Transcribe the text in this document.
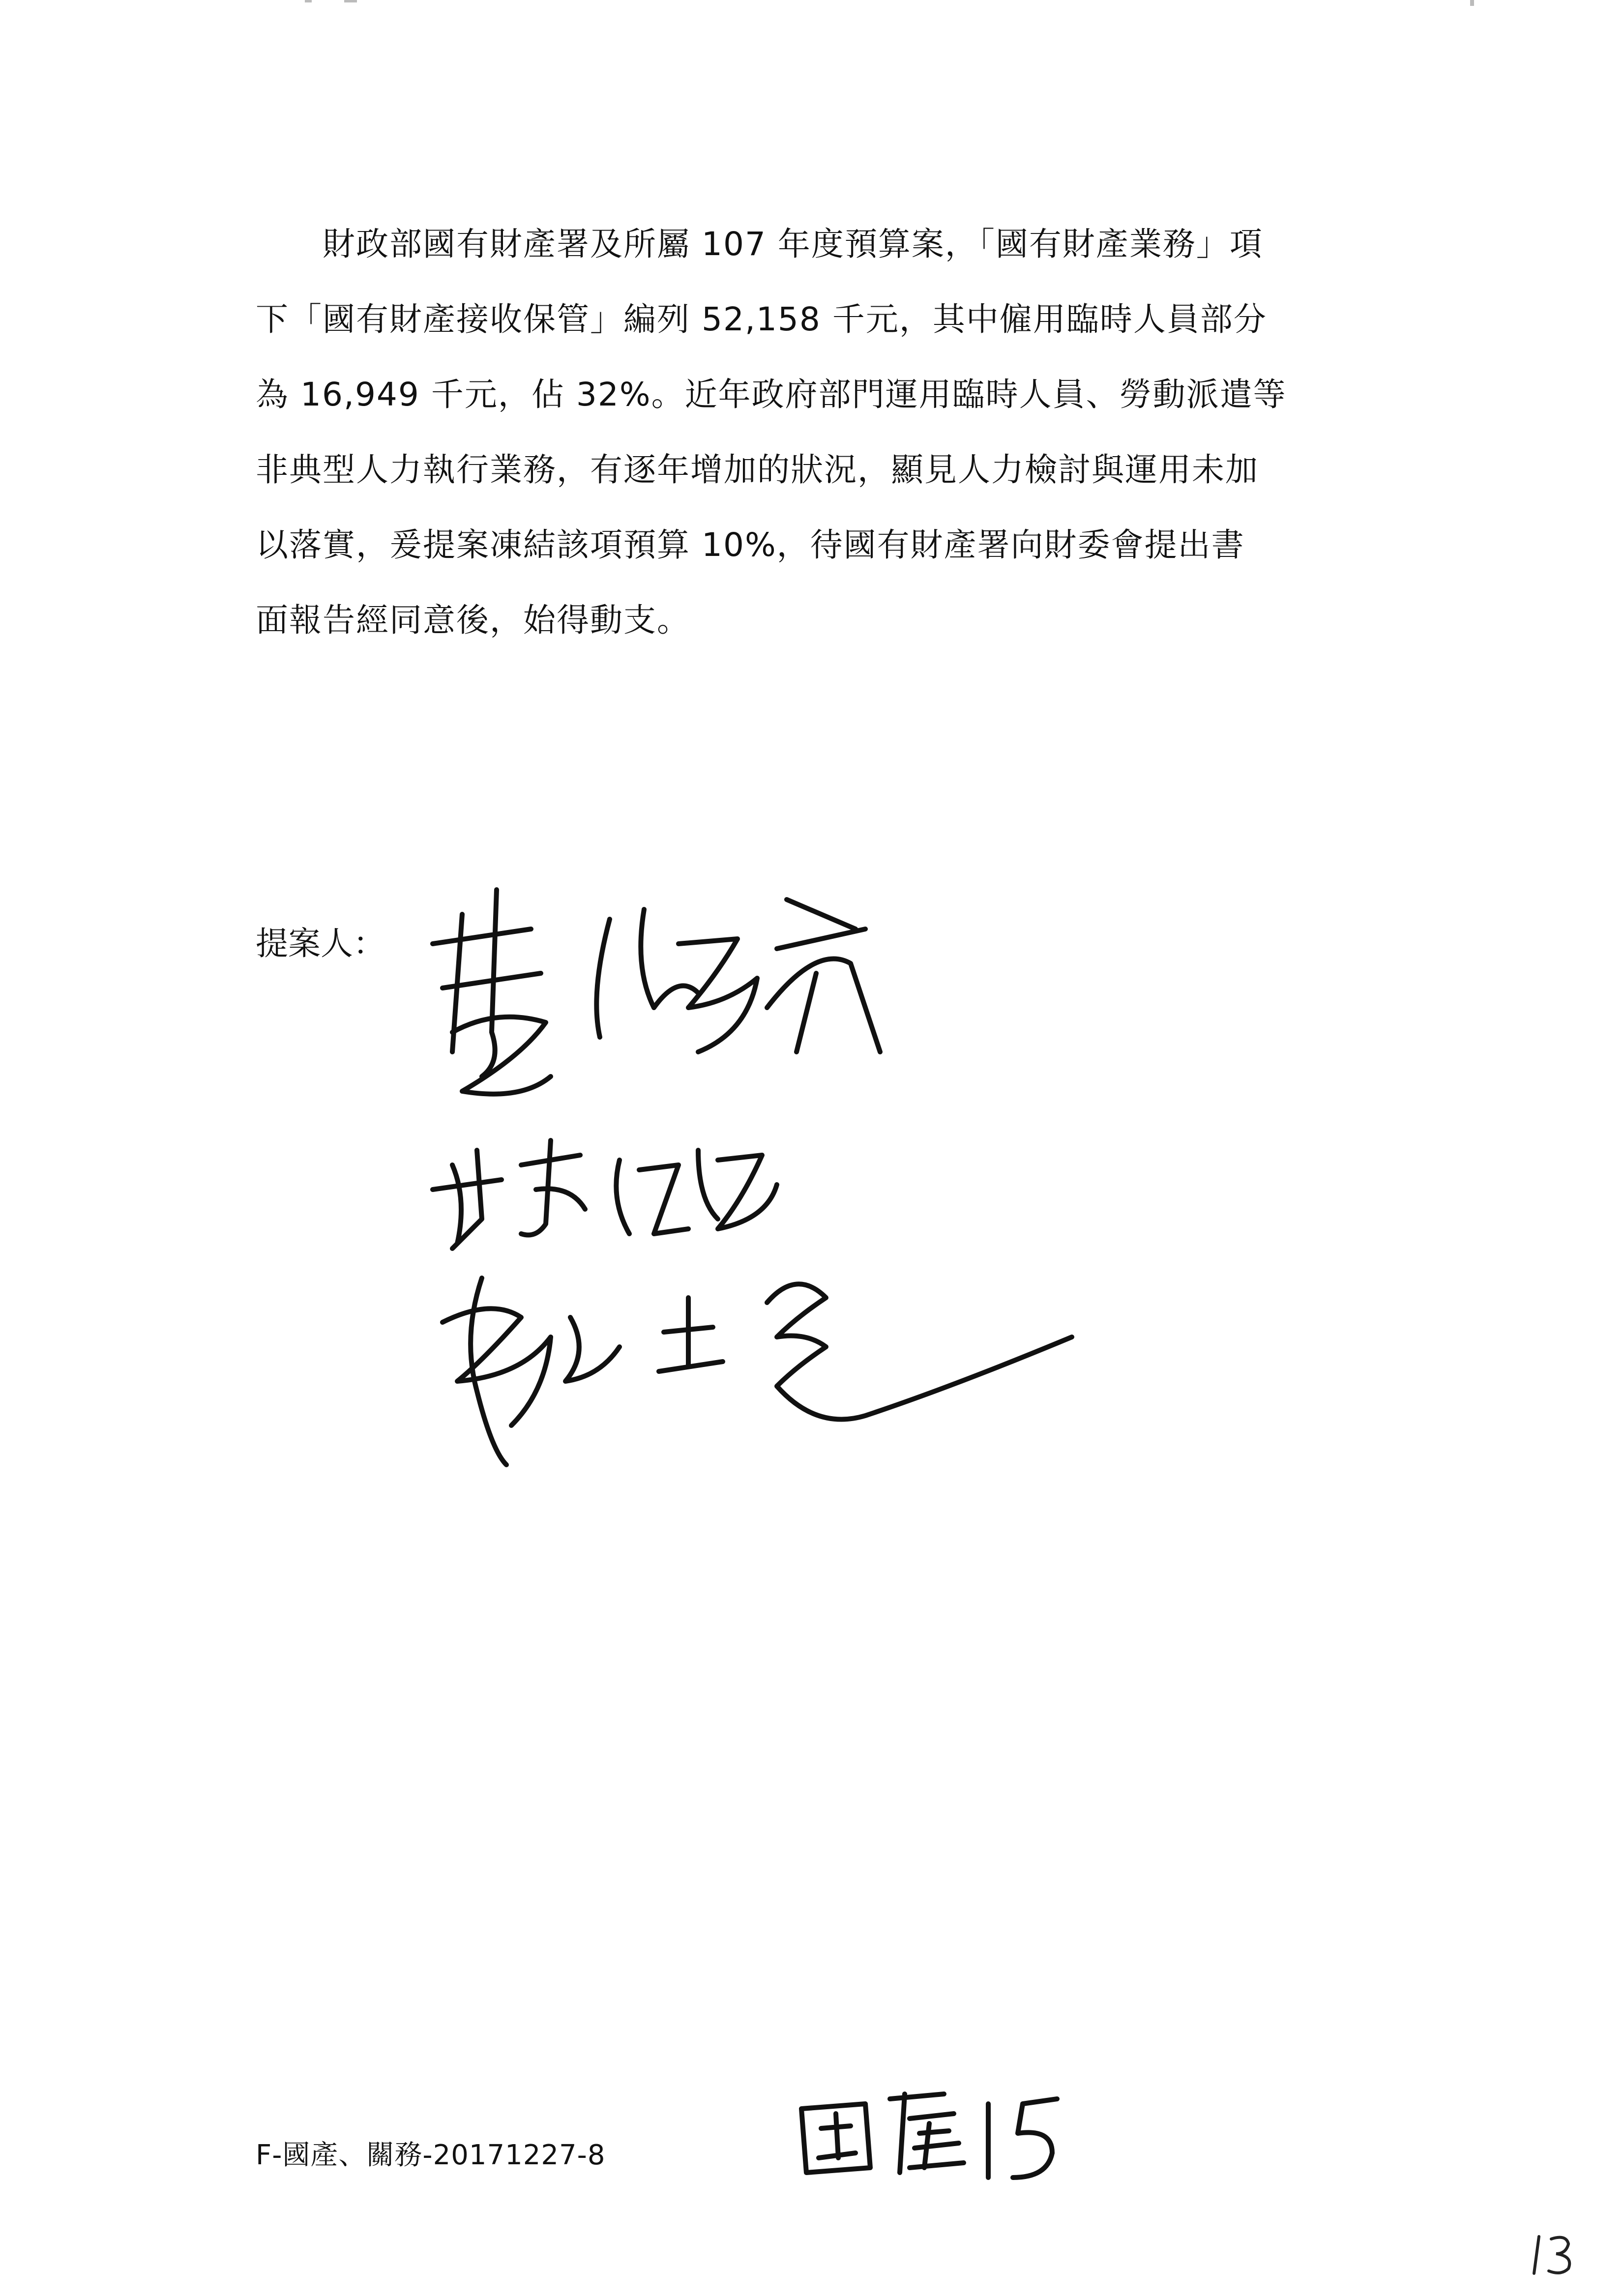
　　財政部國有財產署及所屬 107 年度預算案，「國有財產業務」項
下「國有財產接收保管」編列 52,158 千元，其中僱用臨時人員部分
為 16,949 千元，佔 32%。近年政府部門運用臨時人員、勞動派遣等
非典型人力執行業務，有逐年增加的狀況，顯見人力檢討與運用未加
以落實，爰提案凍結該項預算 10%，待國有財產署向財委會提出書
面報告經同意後，始得動支。

提案人：

F-國產、關務-20171227-8
